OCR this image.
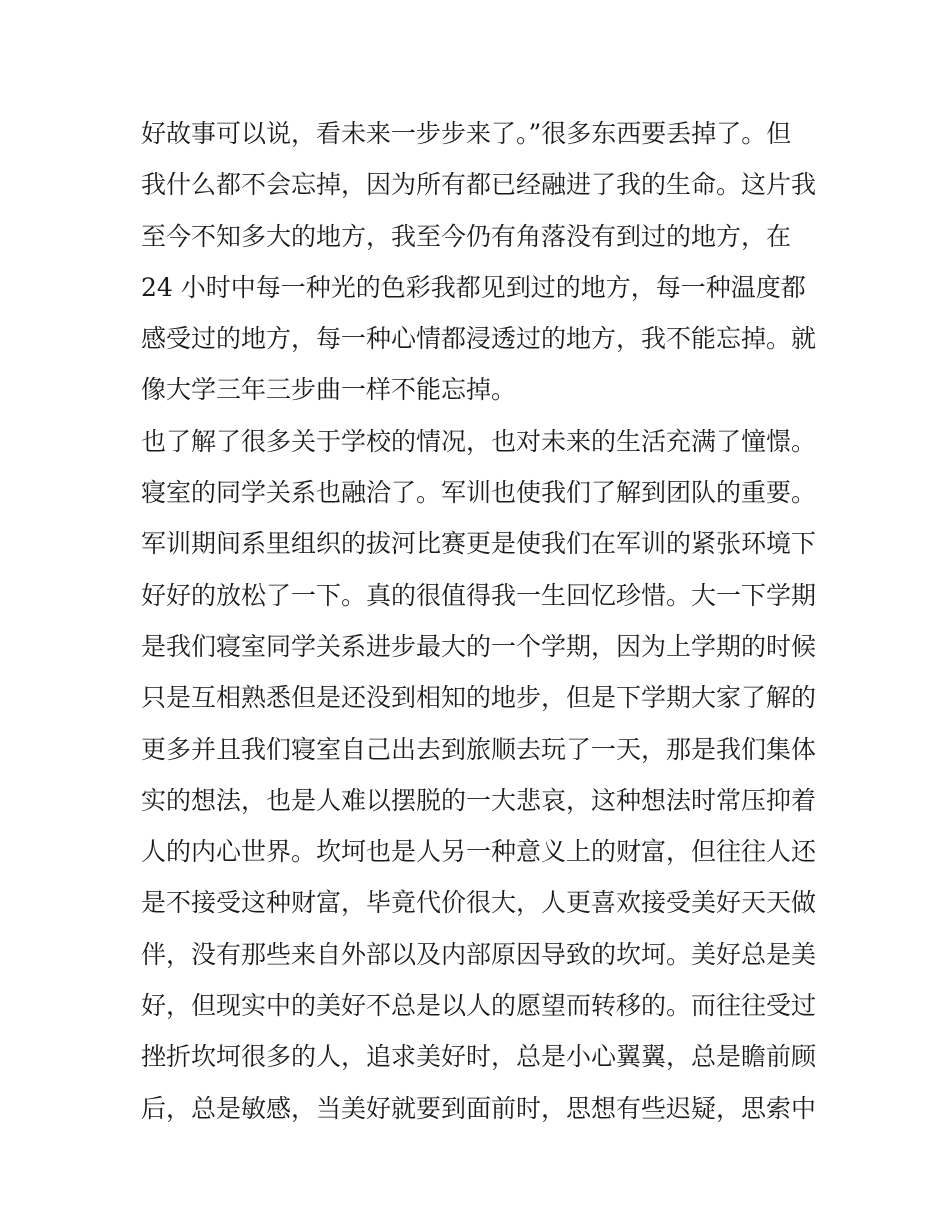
好故事可以说，看未来一步步来了。”很多东西要丢掉了。但
我什么都不会忘掉，因为所有都已经融进了我的生命。这片我
至今不知多大的地方，我至今仍有角落没有到过的地方，在
24 小时中每一种光的色彩我都见到过的地方，每一种温度都
感受过的地方，每一种心情都浸透过的地方，我不能忘掉。就
像大学三年三步曲一样不能忘掉。
也了解了很多关于学校的情况，也对未来的生活充满了憧憬。
寝室的同学关系也融洽了。军训也使我们了解到团队的重要。
军训期间系里组织的拔河比赛更是使我们在军训的紧张环境下
好好的放松了一下。真的很值得我一生回忆珍惜。大一下学期
是我们寝室同学关系进步最大的一个学期，因为上学期的时候
只是互相熟悉但是还没到相知的地步，但是下学期大家了解的
更多并且我们寝室自己出去到旅顺去玩了一天，那是我们集体
实的想法，也是人难以摆脱的一大悲哀，这种想法时常压抑着
人的内心世界。坎坷也是人另一种意义上的财富，但往往人还
是不接受这种财富，毕竟代价很大，人更喜欢接受美好天天做
伴，没有那些来自外部以及内部原因导致的坎坷。美好总是美
好，但现实中的美好不总是以人的愿望而转移的。而往往受过
挫折坎坷很多的人，追求美好时，总是小心翼翼，总是瞻前顾
后，总是敏感，当美好就要到面前时，思想有些迟疑，思索中
